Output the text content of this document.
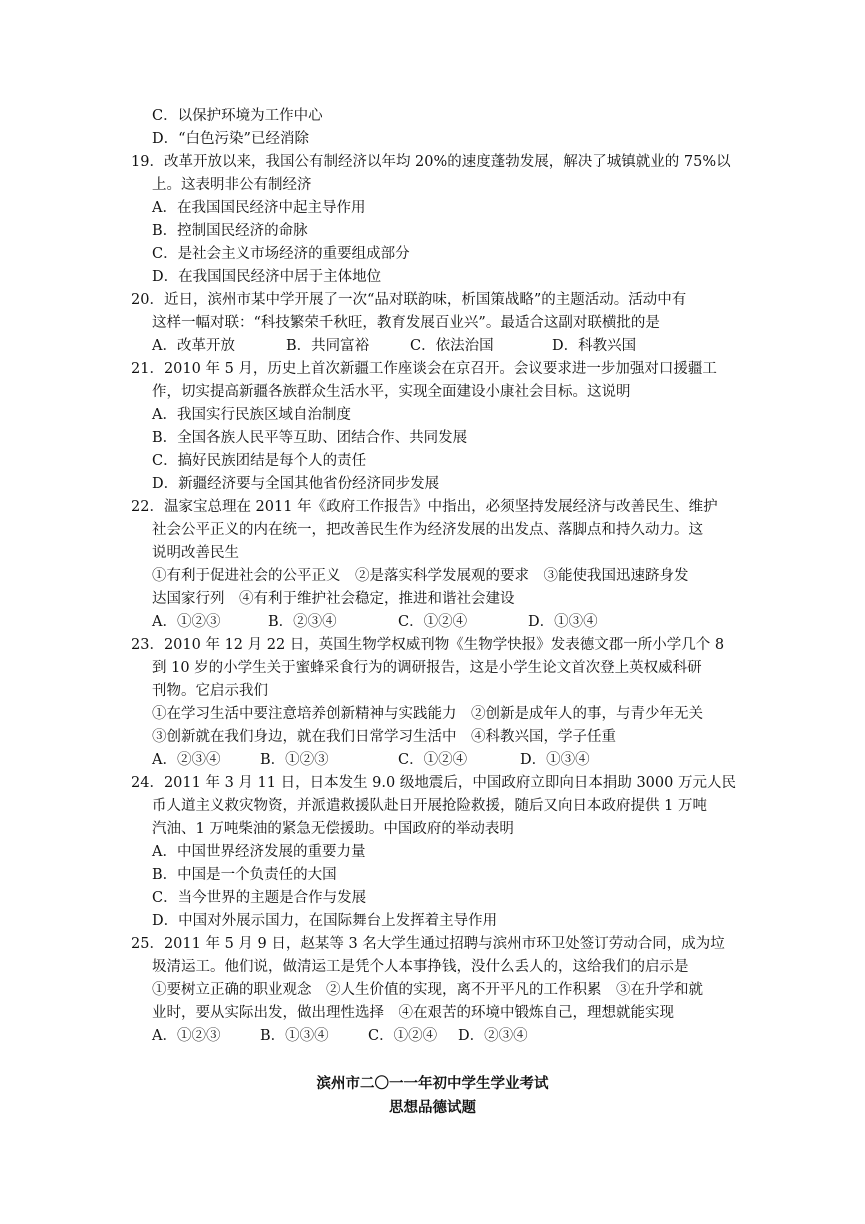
C．以保护环境为工作中心
D．“白色污染”已经消除
19．改革开放以来，我国公有制经济以年均 20%的速度蓬勃发展，解决了城镇就业的 75%以
上。这表明非公有制经济
A．在我国国民经济中起主导作用
B．控制国民经济的命脉
C．是社会主义市场经济的重要组成部分
D．在我国国民经济中居于主体地位
20．近日，滨州市某中学开展了一次“品对联韵味，析国策战略”的主题活动。活动中有
这样一幅对联：“科技繁荣千秋旺，教育发展百业兴”。最适合这副对联横批的是
A．改革开放	B．共同富裕	C．依法治国	D．科教兴国
21．2010 年 5 月，历史上首次新疆工作座谈会在京召开。会议要求进一步加强对口援疆工
作，切实提高新疆各族群众生活水平，实现全面建设小康社会目标。这说明
A．我国实行民族区域自治制度
B．全国各族人民平等互助、团结合作、共同发展
C．搞好民族团结是每个人的责任
D．新疆经济要与全国其他省份经济同步发展
22．温家宝总理在 2011 年《政府工作报告》中指出，必须坚持发展经济与改善民生、维护
社会公平正义的内在统一，把改善民生作为经济发展的出发点、落脚点和持久动力。这
说明改善民生
①有利于促进社会的公平正义　②是落实科学发展观的要求　③能使我国迅速跻身发
达国家行列　④有利于维护社会稳定，推进和谐社会建设
A．①②③	B．②③④	C．①②④	D．①③④
23．2010 年 12 月 22 日，英国生物学权威刊物《生物学快报》发表德文郡一所小学几个 8
到 10 岁的小学生关于蜜蜂采食行为的调研报告，这是小学生论文首次登上英权威科研
刊物。它启示我们
①在学习生活中要注意培养创新精神与实践能力　②创新是成年人的事，与青少年无关
③创新就在我们身边，就在我们日常学习生活中　④科教兴国，学子任重
A．②③④	B．①②③	C．①②④	D．①③④
24．2011 年 3 月 11 日，日本发生 9.0 级地震后，中国政府立即向日本捐助 3000 万元人民
币人道主义救灾物资，并派遣救援队赴日开展抢险救援，随后又向日本政府提供 1 万吨
汽油、1 万吨柴油的紧急无偿援助。中国政府的举动表明
A．中国世界经济发展的重要力量
B．中国是一个负责任的大国
C．当今世界的主题是合作与发展
D．中国对外展示国力，在国际舞台上发挥着主导作用
25．2011 年 5 月 9 日，赵某等 3 名大学生通过招聘与滨州市环卫处签订劳动合同，成为垃
圾清运工。他们说，做清运工是凭个人本事挣钱，没什么丢人的，这给我们的启示是
①要树立正确的职业观念　②人生价值的实现，离不开平凡的工作积累　③在升学和就
业时，要从实际出发，做出理性选择　④在艰苦的环境中锻炼自己，理想就能实现
A．①②③	B．①③④	C．①②④ D．②③④
滨州市二〇一一年初中学生学业考试
思想品德试题
